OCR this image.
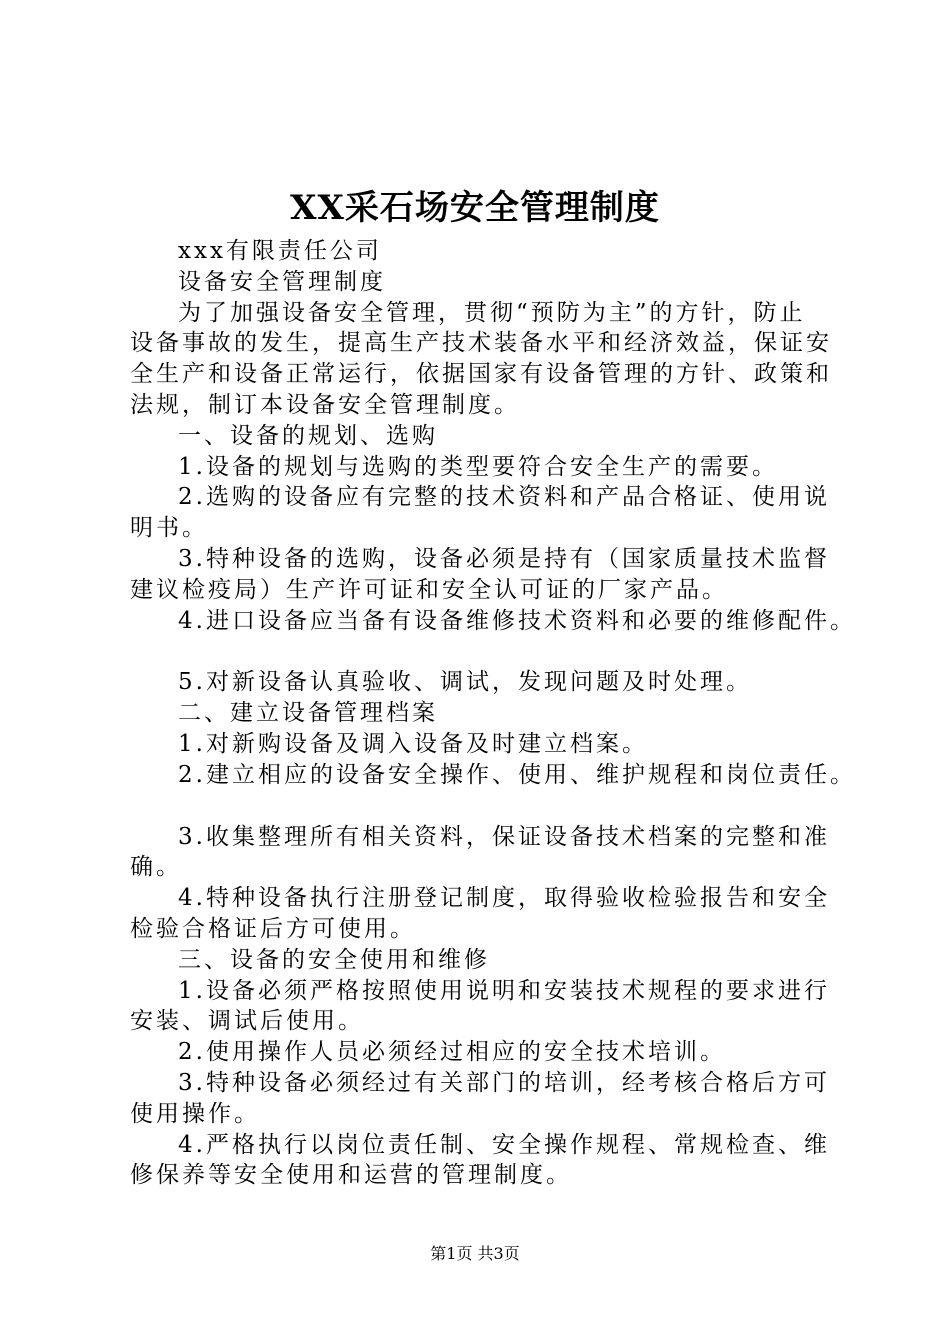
XX采石场安全管理制度

xxx有限责任公司

设备安全管理制度

为了加强设备安全管理，贯彻“预防为主”的方针，防止

设备事故的发生，提高生产技术装备水平和经济效益，保证安

全生产和设备正常运行，依据国家有设备管理的方针、政策和

法规，制订本设备安全管理制度。

一、设备的规划、选购

1.设备的规划与选购的类型要符合安全生产的需要。

2.选购的设备应有完整的技术资料和产品合格证、使用说

明书。

3.特种设备的选购，设备必须是持有（国家质量技术监督

建议检疫局）生产许可证和安全认可证的厂家产品。

4.进口设备应当备有设备维修技术资料和必要的维修配件。

5.对新设备认真验收、调试，发现问题及时处理。

二、建立设备管理档案

1.对新购设备及调入设备及时建立档案。

2.建立相应的设备安全操作、使用、维护规程和岗位责任。

3.收集整理所有相关资料，保证设备技术档案的完整和准

确。

4.特种设备执行注册登记制度，取得验收检验报告和安全

检验合格证后方可使用。

三、设备的安全使用和维修

1.设备必须严格按照使用说明和安装技术规程的要求进行

安装、调试后使用。

2.使用操作人员必须经过相应的安全技术培训。

3.特种设备必须经过有关部门的培训，经考核合格后方可

使用操作。

4.严格执行以岗位责任制、安全操作规程、常规检查、维

修保养等安全使用和运营的管理制度。

第1页 共3页
